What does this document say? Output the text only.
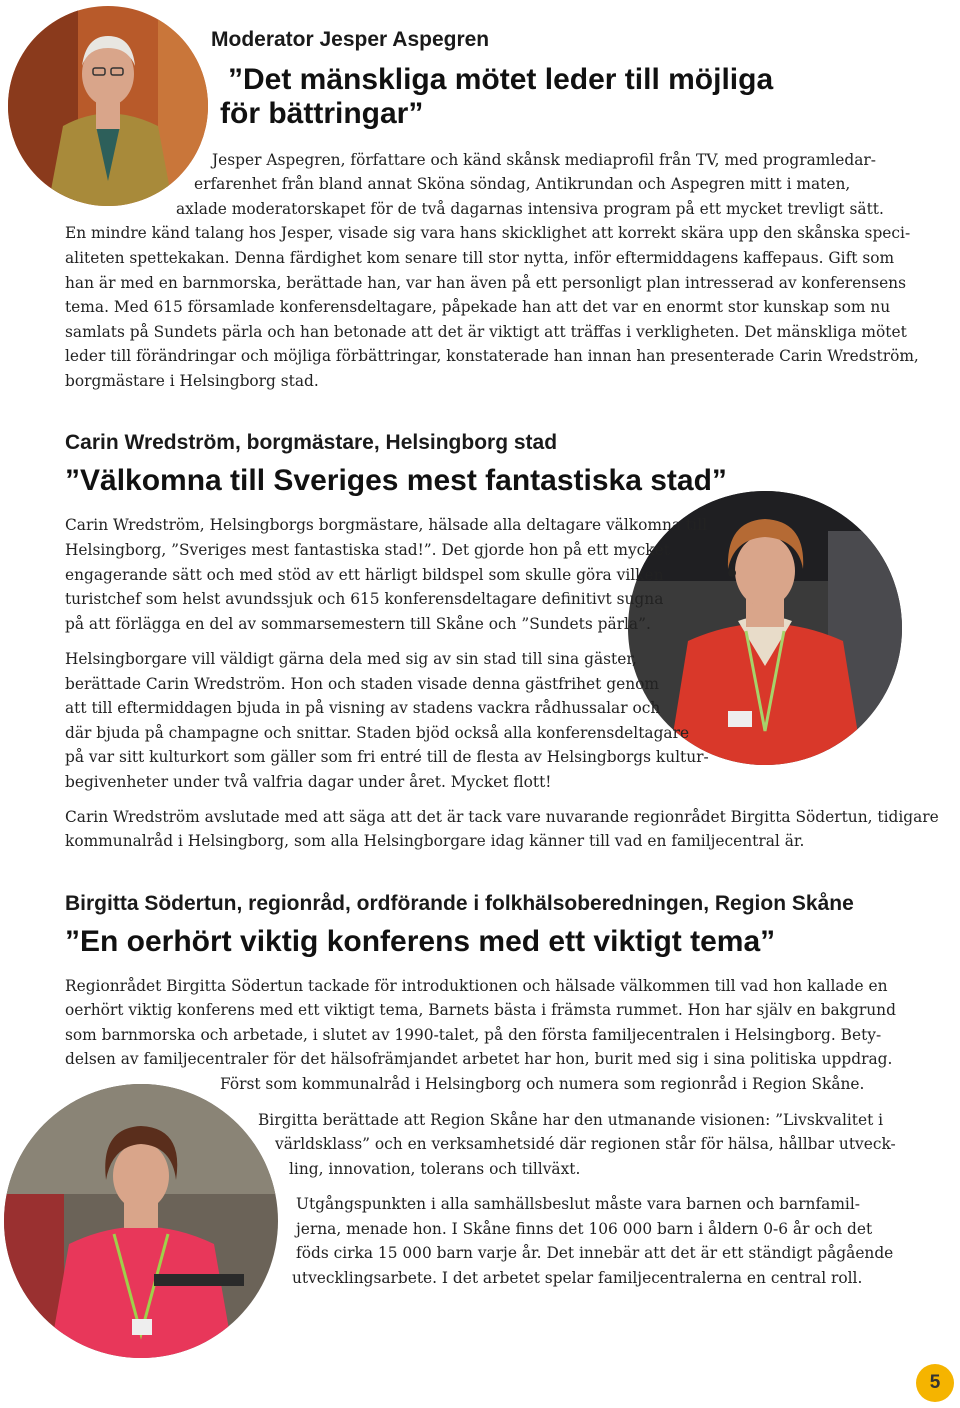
Moderator Jesper Aspegren
”Det mänskliga mötet leder till möjliga
för bättringar”
Jesper Aspegren, författare och känd skånsk mediaprofil från TV, med programledar-
erfarenhet från bland annat Sköna söndag, Antikrundan och Aspegren mitt i maten,
axlade moderatorskapet för de två dagarnas intensiva program på ett mycket trevligt sätt.
En mindre känd talang hos Jesper, visade sig vara hans skicklighet att korrekt skära upp den skånska speci-
aliteten spettekakan. Denna färdighet kom senare till stor nytta, inför eftermiddagens kaffepaus. Gift som
han är med en barnmorska, berättade han, var han även på ett personligt plan intresserad av konferensens
tema. Med 615 församlade konferensdeltagare, påpekade han att det var en enormt stor kunskap som nu
samlats på Sundets pärla och han betonade att det är viktigt att träffas i verkligheten. Det mänskliga mötet
leder till förändringar och möjliga förbättringar, konstaterade han innan han presenterade Carin Wredström,
borgmästare i Helsingborg stad.
Carin Wredström, borgmästare, Helsingborg stad
”Välkomna till Sveriges mest fantastiska stad”
Carin Wredström, Helsingborgs borgmästare, hälsade alla deltagare välkomna till
Helsingborg, ”Sveriges mest fantastiska stad!”. Det gjorde hon på ett mycket
engagerande sätt och med stöd av ett härligt bildspel som skulle göra vilken
turistchef som helst avundssjuk och 615 konferensdeltagare definitivt sugna
på att förlägga en del av sommarsemestern till Skåne och ”Sundets pärla”.
Helsingborgare vill väldigt gärna dela med sig av sin stad till sina gäster,
berättade Carin Wredström. Hon och staden visade denna gästfrihet genom
att till eftermiddagen bjuda in på visning av stadens vackra rådhussalar och
där bjuda på champagne och snittar. Staden bjöd också alla konferensdeltagare
på var sitt kulturkort som gäller som fri entré till de flesta av Helsingborgs kultur-
begivenheter under två valfria dagar under året. Mycket flott!
Carin Wredström avslutade med att säga att det är tack vare nuvarande regionrådet Birgitta Södertun, tidigare
kommunalråd i Helsingborg, som alla Helsingborgare idag känner till vad en familjecentral är.
Birgitta Södertun, regionråd, ordförande i folkhälsoberedningen, Region Skåne
”En oerhört viktig konferens med ett viktigt tema”
Regionrådet Birgitta Södertun tackade för introduktionen och hälsade välkommen till vad hon kallade en
oerhört viktig konferens med ett viktigt tema, Barnets bästa i främsta rummet. Hon har själv en bakgrund
som barnmorska och arbetade, i slutet av 1990-talet, på den första familjecentralen i Helsingborg. Bety-
delsen av familjecentraler för det hälsofrämjandet arbetet har hon, burit med sig i sina politiska uppdrag.
Först som kommunalråd i Helsingborg och numera som regionråd i Region Skåne.
Birgitta berättade att Region Skåne har den utmanande visionen: ”Livskvalitet i
världsklass” och en verksamhetsidé där regionen står för hälsa, hållbar utveck-
ling, innovation, tolerans och tillväxt.
Utgångspunkten i alla samhällsbeslut måste vara barnen och barnfamil-
jerna, menade hon. I Skåne finns det 106 000 barn i åldern 0-6 år och det
föds cirka 15 000 barn varje år. Det innebär att det är ett ständigt pågående
utvecklingsarbete. I det arbetet spelar familjecentralerna en central roll.
5
